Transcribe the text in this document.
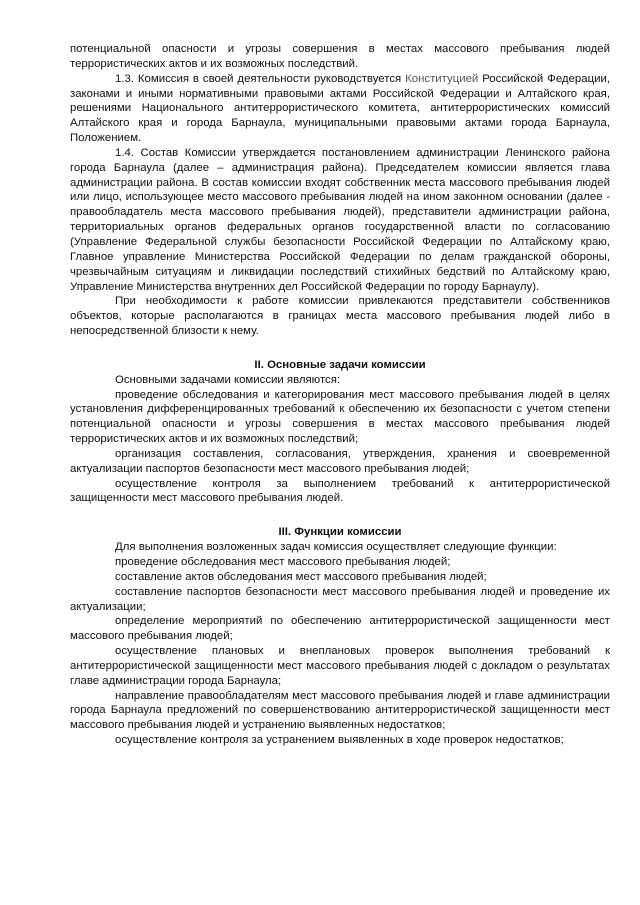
потенциальной опасности и угрозы совершения в местах массового пребывания людей террористических актов и их возможных последствий.

1.3. Комиссия в своей деятельности руководствуется Конституцией Российской Федерации, законами и иными нормативными правовыми актами Российской Федерации и Алтайского края, решениями Национального антитеррористического комитета, антитеррористических комиссий Алтайского края и города Барнаула, муниципальными правовыми актами города Барнаула, Положением.

1.4. Состав Комиссии утверждается постановлением администрации Ленинского района города Барнаула (далее – администрация района). Председателем комиссии является глава администрации района. В состав комиссии входят собственник места массового пребывания людей или лицо, использующее место массового пребывания людей на ином законном основании (далее - правообладатель места массового пребывания людей), представители администрации района, территориальных органов федеральных органов государственной власти по согласованию (Управление Федеральной службы безопасности Российской Федерации по Алтайскому краю, Главное управление Министерства Российской Федерации по делам гражданской обороны, чрезвычайным ситуациям и ликвидации последствий стихийных бедствий по Алтайскому краю, Управление Министерства внутренних дел Российской Федерации по городу Барнаулу).

При необходимости к работе комиссии привлекаются представители собственников объектов, которые располагаются в границах места массового пребывания людей либо в непосредственной близости к нему.

II. Основные задачи комиссии

Основными задачами комиссии являются:

проведение обследования и категорирования мест массового пребывания людей в целях установления дифференцированных требований к обеспечению их безопасности с учетом степени потенциальной опасности и угрозы совершения в местах массового пребывания людей террористических актов и их возможных последствий;

организация составления, согласования, утверждения, хранения и своевременной актуализации паспортов безопасности мест массового пребывания людей;

осуществление контроля за выполнением требований к антитеррористической защищенности мест массового пребывания людей.

III. Функции комиссии

Для выполнения возложенных задач комиссия осуществляет следующие функции:

проведение обследования мест массового пребывания людей;

составление актов обследования мест массового пребывания людей;

составление паспортов безопасности мест массового пребывания людей и проведение их актуализации;

определение мероприятий по обеспечению антитеррористической защищенности мест массового пребывания людей;

осуществление плановых и внеплановых проверок выполнения требований к антитеррористической защищенности мест массового пребывания людей с докладом о результатах главе администрации города Барнаула;

направление правообладателям мест массового пребывания людей и главе администрации города Барнаула предложений по совершенствованию антитеррористической защищенности мест массового пребывания людей и устранению выявленных недостатков;

осуществление контроля за устранением выявленных в ходе проверок недостатков;
